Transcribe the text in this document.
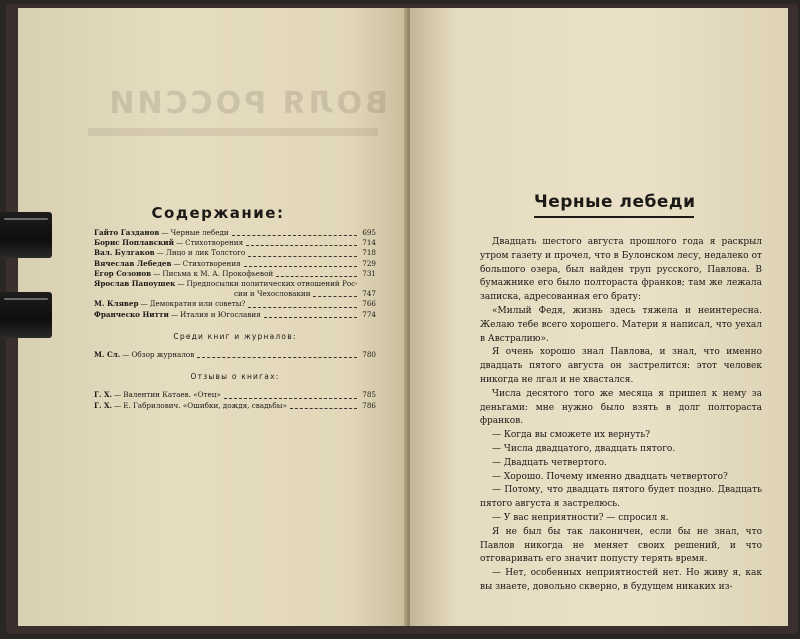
ВОЛЯ РОССИИ
Содержание:
Гайто Газданов — Черные лебеди	695
Борис Поплавский — Стихотворения	714
Вал. Булгаков — Лицо и лик Толстого	718
Вячеслав Лебедев — Стихотворения	729
Егор Созонов — Письма к М. А. Прокофьевой	731
Ярослав Папоушек — Предпосылки политических отношений Рос-
сии и Чехословакии	747
М. Клявер — Демократия или советы?	766
Франческо Нитти — Италия и Югославия	774
Среди книг и журналов:
М. Сл. — Обзор журналов	780
Отзывы о книгах:
Г. Х. — Валентин Катаев. «Отец»	785
Г. Х. — Е. Габрилович. «Ошибки, дождя, свадьбы»	786
Черные лебеди

Двадцать шестого августа прошлого года я раскрыл утром газету и прочел, что в Булонском лесу, недалеко от большого озера, был найден труп русского, Павлова. В бумажнике его было полтораста франков; там же лежала записка, адресованная его брату:

«Милый Федя, жизнь здесь тяжела и неинтересна. Желаю тебе всего хорошего. Матери я написал, что уехал в Австралию».

Я очень хорошо знал Павлова, и знал, что именно двадцать пятого августа он застрелится: этот человек никогда не лгал и не хвастался.

Числа десятого того же месяца я пришел к нему за деньгами: мне нужно было взять в долг полтораста франков.

— Когда вы сможете их вернуть?

— Числа двадцатого, двадцать пятого.

— Двадцать четвертого.

— Хорошо. Почему именно двадцать четвертого?

— Потому, что двадцать пятого будет поздно. Двадцать пятого августа я застрелюсь.

— У вас неприятности? — спросил я.

Я не был бы так лаконичен, если бы не знал, что Павлов никогда не меняет своих решений, и что отговаривать его значит попусту терять время.

— Нет, особенных неприятностей нет. Но живу я, как вы знаете, довольно скверно, в будущем никаких из-
